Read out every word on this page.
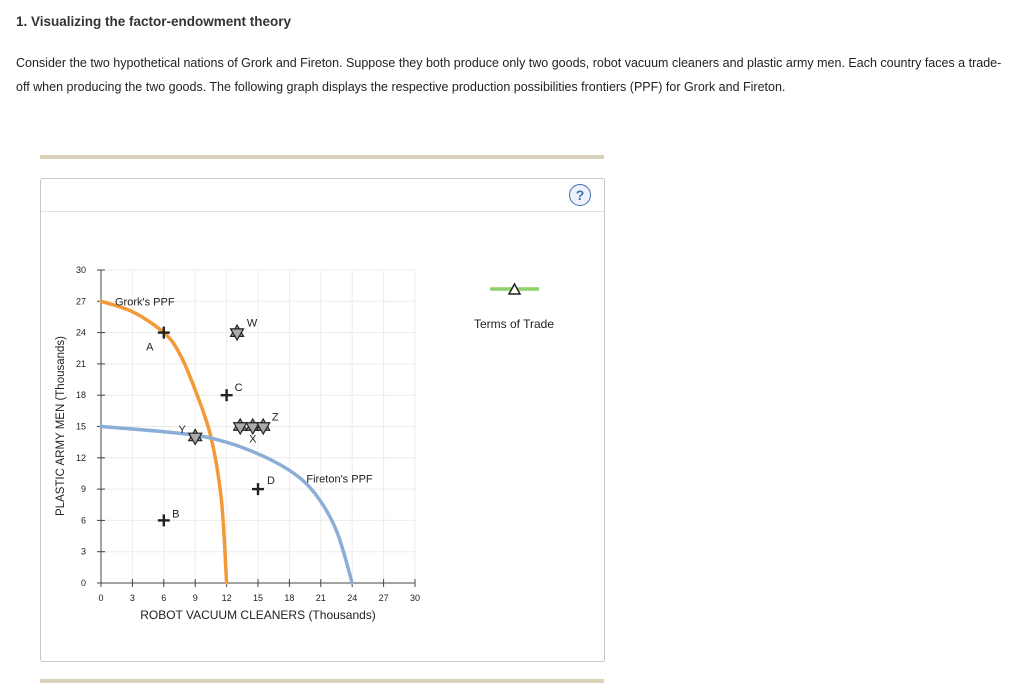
1. Visualizing the factor-endowment theory
Consider the two hypothetical nations of Grork and Fireton. Suppose they both produce only two goods, robot vacuum cleaners and plastic army men. Each country faces a trade-off when producing the two goods. The following graph displays the respective production possibilities frontiers (PPF) for Grork and Fireton.
?
0	3	6	9	12 15 18 21 24 27 30
0
3
6
9
12
15
18
21
24
27
30
Grork's PPF
Fireton's PPF
A
B
C
D
W
Y
X
Z
Terms of Trade
PLASTIC ARMY MEN (Thousands)
ROBOT VACUUM CLEANERS (Thousands)
